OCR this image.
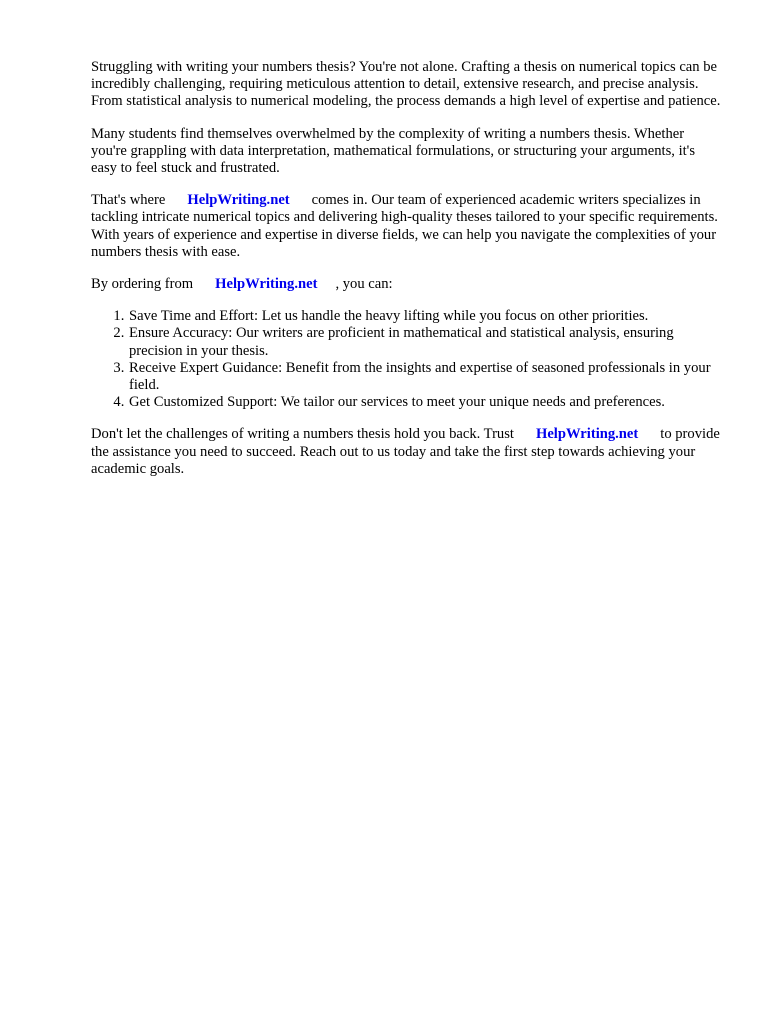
Struggling with writing your numbers thesis? You're not alone. Crafting a thesis on numerical topics can be incredibly challenging, requiring meticulous attention to detail, extensive research, and precise analysis. From statistical analysis to numerical modeling, the process demands a high level of expertise and patience.

Many students find themselves overwhelmed by the complexity of writing a numbers thesis. Whether you're grappling with data interpretation, mathematical formulations, or structuring your arguments, it's easy to feel stuck and frustrated.

That's where HelpWriting.net comes in. Our team of experienced academic writers specializes in tackling intricate numerical topics and delivering high-quality theses tailored to your specific requirements. With years of experience and expertise in diverse fields, we can help you navigate the complexities of your numbers thesis with ease.

By ordering from HelpWriting.net , you can:

1. Save Time and Effort: Let us handle the heavy lifting while you focus on other priorities.
2. Ensure Accuracy: Our writers are proficient in mathematical and statistical analysis, ensuring precision in your thesis.
3. Receive Expert Guidance: Benefit from the insights and expertise of seasoned professionals in your field.
4. Get Customized Support: We tailor our services to meet your unique needs and preferences.

Don't let the challenges of writing a numbers thesis hold you back. Trust HelpWriting.net to provide the assistance you need to succeed. Reach out to us today and take the first step towards achieving your academic goals.
